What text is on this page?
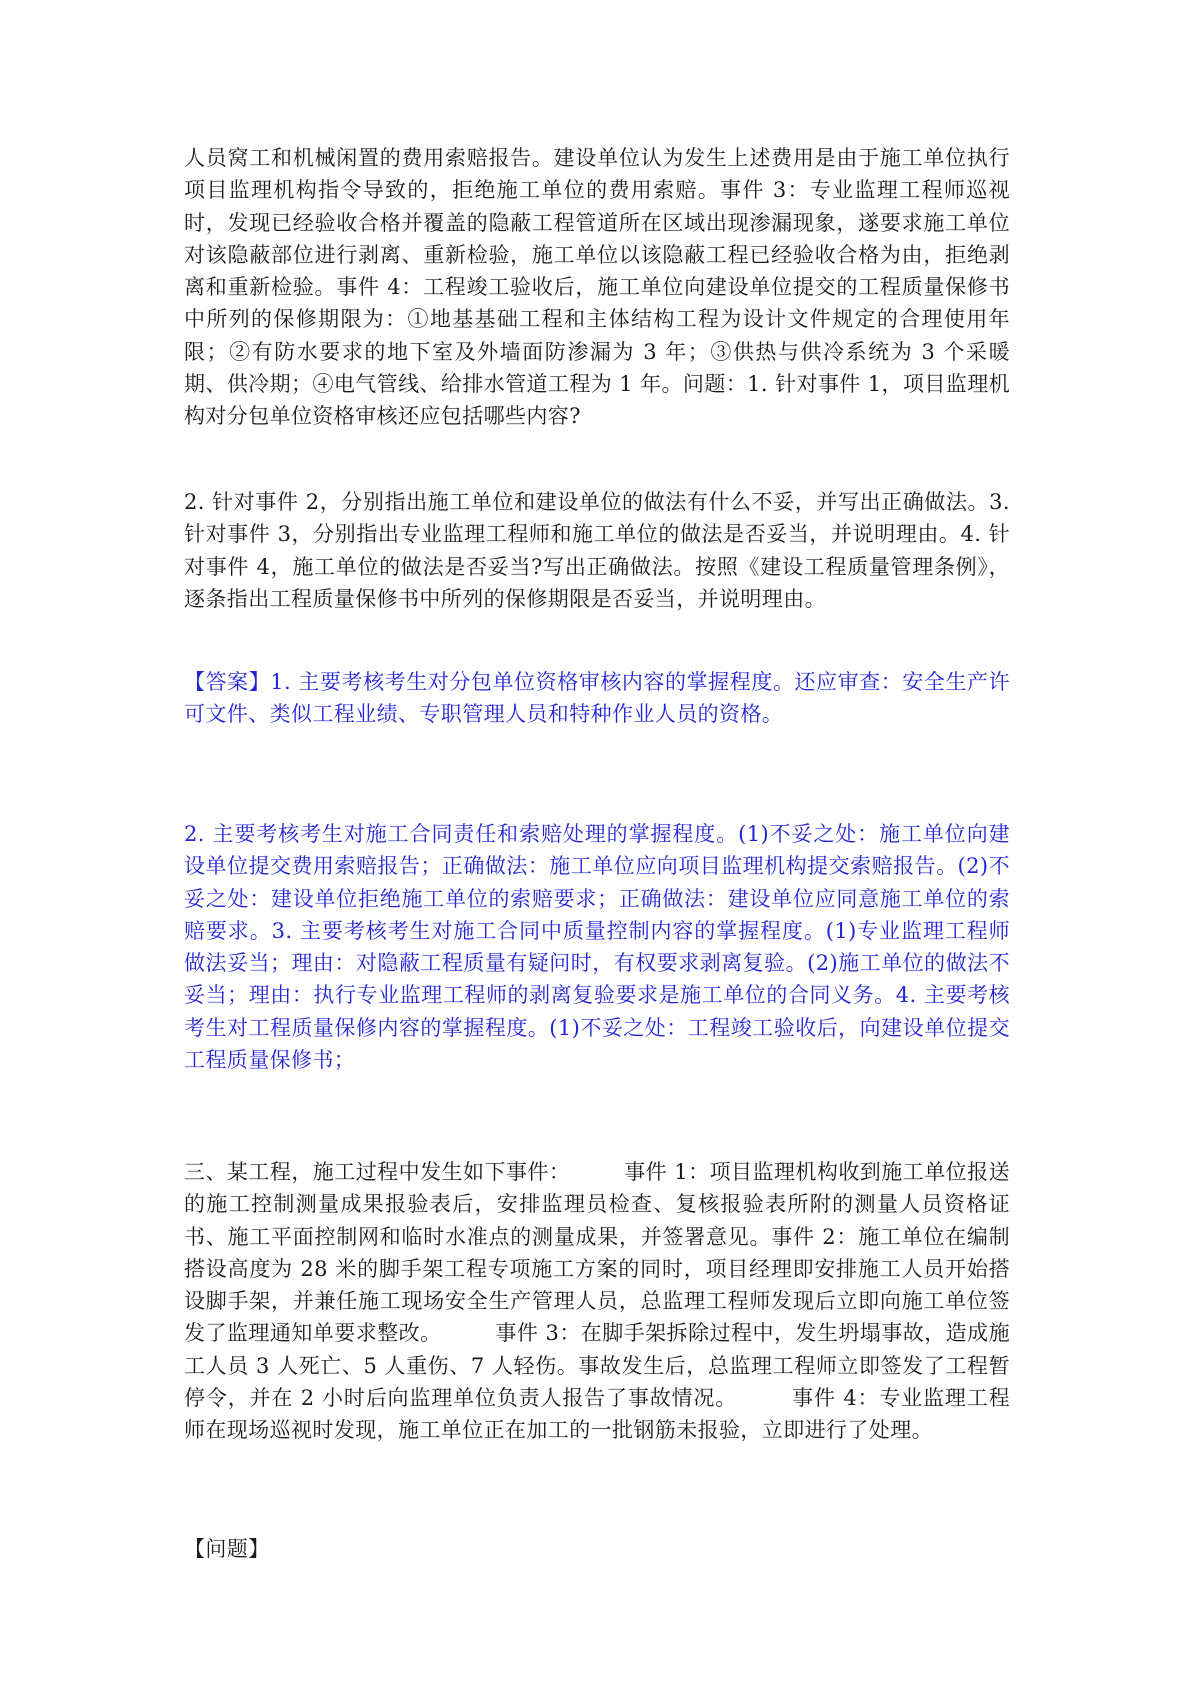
人员窝工和机械闲置的费用索赔报告。建设单位认为发生上述费用是由于施工单位执行项目监理机构指令导致的，拒绝施工单位的费用索赔。事件 3：专业监理工程师巡视时，发现已经验收合格并覆盖的隐蔽工程管道所在区域出现渗漏现象，遂要求施工单位对该隐蔽部位进行剥离、重新检验，施工单位以该隐蔽工程已经验收合格为由，拒绝剥离和重新检验。事件 4：工程竣工验收后，施工单位向建设单位提交的工程质量保修书中所列的保修期限为：①地基基础工程和主体结构工程为设计文件规定的合理使用年限；②有防水要求的地下室及外墙面防渗漏为 3 年；③供热与供冷系统为 3 个采暖期、供冷期；④电气管线、给排水管道工程为 1 年。问题：1. 针对事件 1，项目监理机构对分包单位资格审核还应包括哪些内容?

2. 针对事件 2，分别指出施工单位和建设单位的做法有什么不妥，并写出正确做法。3. 针对事件 3，分别指出专业监理工程师和施工单位的做法是否妥当，并说明理由。4. 针对事件 4，施工单位的做法是否妥当?写出正确做法。按照《建设工程质量管理条例》，逐条指出工程质量保修书中所列的保修期限是否妥当，并说明理由。

【答案】1. 主要考核考生对分包单位资格审核内容的掌握程度。还应审查：安全生产许可文件、类似工程业绩、专职管理人员和特种作业人员的资格。

2. 主要考核考生对施工合同责任和索赔处理的掌握程度。(1)不妥之处：施工单位向建设单位提交费用索赔报告；正确做法：施工单位应向项目监理机构提交索赔报告。(2)不妥之处：建设单位拒绝施工单位的索赔要求；正确做法：建设单位应同意施工单位的索赔要求。3. 主要考核考生对施工合同中质量控制内容的掌握程度。(1)专业监理工程师做法妥当；理由：对隐蔽工程质量有疑问时，有权要求剥离复验。(2)施工单位的做法不妥当；理由：执行专业监理工程师的剥离复验要求是施工单位的合同义务。4. 主要考核考生对工程质量保修内容的掌握程度。(1)不妥之处：工程竣工验收后，向建设单位提交工程质量保修书；

三、某工程，施工过程中发生如下事件：　　　事件 1：项目监理机构收到施工单位报送的施工控制测量成果报验表后，安排监理员检查、复核报验表所附的测量人员资格证书、施工平面控制网和临时水准点的测量成果，并签署意见。事件 2：施工单位在编制搭设高度为 28 米的脚手架工程专项施工方案的同时，项目经理即安排施工人员开始搭设脚手架，并兼任施工现场安全生产管理人员，总监理工程师发现后立即向施工单位签发了监理通知单要求整改。　　　事件 3：在脚手架拆除过程中，发生坍塌事故，造成施工人员 3 人死亡、5 人重伤、7 人轻伤。事故发生后，总监理工程师立即签发了工程暂停令，并在 2 小时后向监理单位负责人报告了事故情况。　　　事件 4：专业监理工程师在现场巡视时发现，施工单位正在加工的一批钢筋未报验，立即进行了处理。

【问题】
